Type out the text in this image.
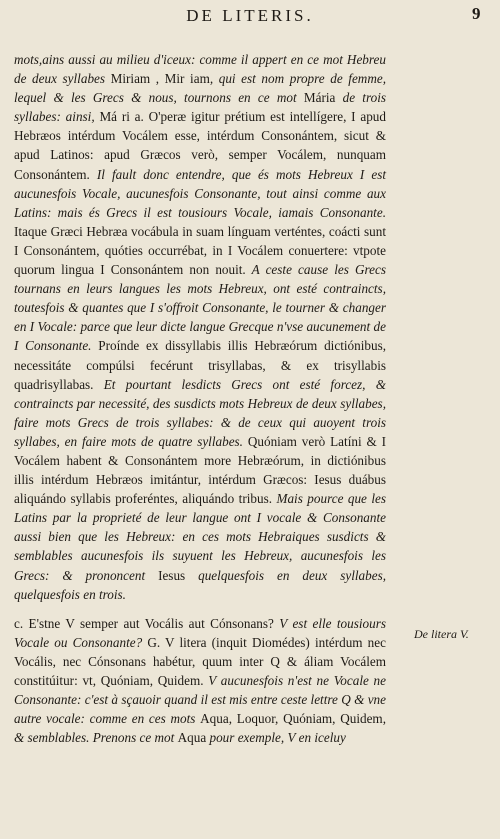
DE LITERIS.	9

mots,ains aussi au milieu d'iceux: comme il appert en ce mot Hebreu de deux syllabes Miriam , Mir iam, qui est nom propre de femme, lequel & les Grecs & nous, tournons en ce mot Mária de trois syllabes: ainsi, Má ri a. O'peræ igitur prétium est intellígere, I apud Hebræos intérdum Vocálem esse, intérdum Consonántem, sicut & apud Latinos: apud Græcos verò, semper Vocálem, nunquam Consonántem. Il fault donc entendre, que és mots Hebreux I est aucunesfois Vocale, aucunesfois Consonante, tout ainsi comme aux Latins: mais és Grecs il est tousiours Vocale, iamais Consonante. Itaque Græci Hebræa vocábula in suam línguam verténtes, coácti sunt I Consonántem, quóties occurrébat, in I Vocálem conuertere: vtpote quorum lingua I Consonántem non nouit. A ceste cause les Grecs tournans en leurs langues les mots Hebreux, ont esté contraincts, toutesfois & quantes que I s'offroit Consonante, le tourner & changer en I Vocale: parce que leur dicte langue Grecque n'vse aucunement de I Consonante. Proínde ex dissyllabis illis Hebræórum dictiónibus, necessitáte compúlsi fecérunt trisyllabas, & ex trisyllabis quadrisyllabas. Et pourtant lesdicts Grecs ont esté forcez, & contraincts par necessité, des susdicts mots Hebreux de deux syllabes, faire mots Grecs de trois syllabes: & de ceux qui auoyent trois syllabes, en faire mots de quatre syllabes. Quóniam verò Latíni & I Vocálem habent & Consonántem more Hebræórum, in dictiónibus illis intérdum Hebræos imitántur, intérdum Græcos: Iesus duábus aliquándo syllabis proferéntes, aliquándo tribus. Mais pource que les Latins par la proprieté de leur langue ont I vocale & Consonante aussi bien que les Hebreux: en ces mots Hebraiques susdicts & semblables aucunesfois ils suyuent les Hebreux, aucunesfois les Grecs: & prononcent Iesus quelquesfois en deux syllabes, quelquesfois en trois.

c. E'stne V semper aut Vocális aut Cónsonans? V est elle tousiours Vocale ou Consonante? G. V litera (inquit Diomédes) intérdum nec Vocális, nec Cónsonans habétur, quum inter Q & áliam Vocálem constitúitur: vt, Quóniam, Quidem. V aucunesfois n'est ne Vocale ne Consonante: c'est à sçauoir quand il est mis entre ceste lettre Q & vne autre vocale: comme en ces mots Aqua, Loquor, Quóniam, Quidem, & semblables. Prenons ce mot Aqua pour exemple, V en iceluy

De litera V.
